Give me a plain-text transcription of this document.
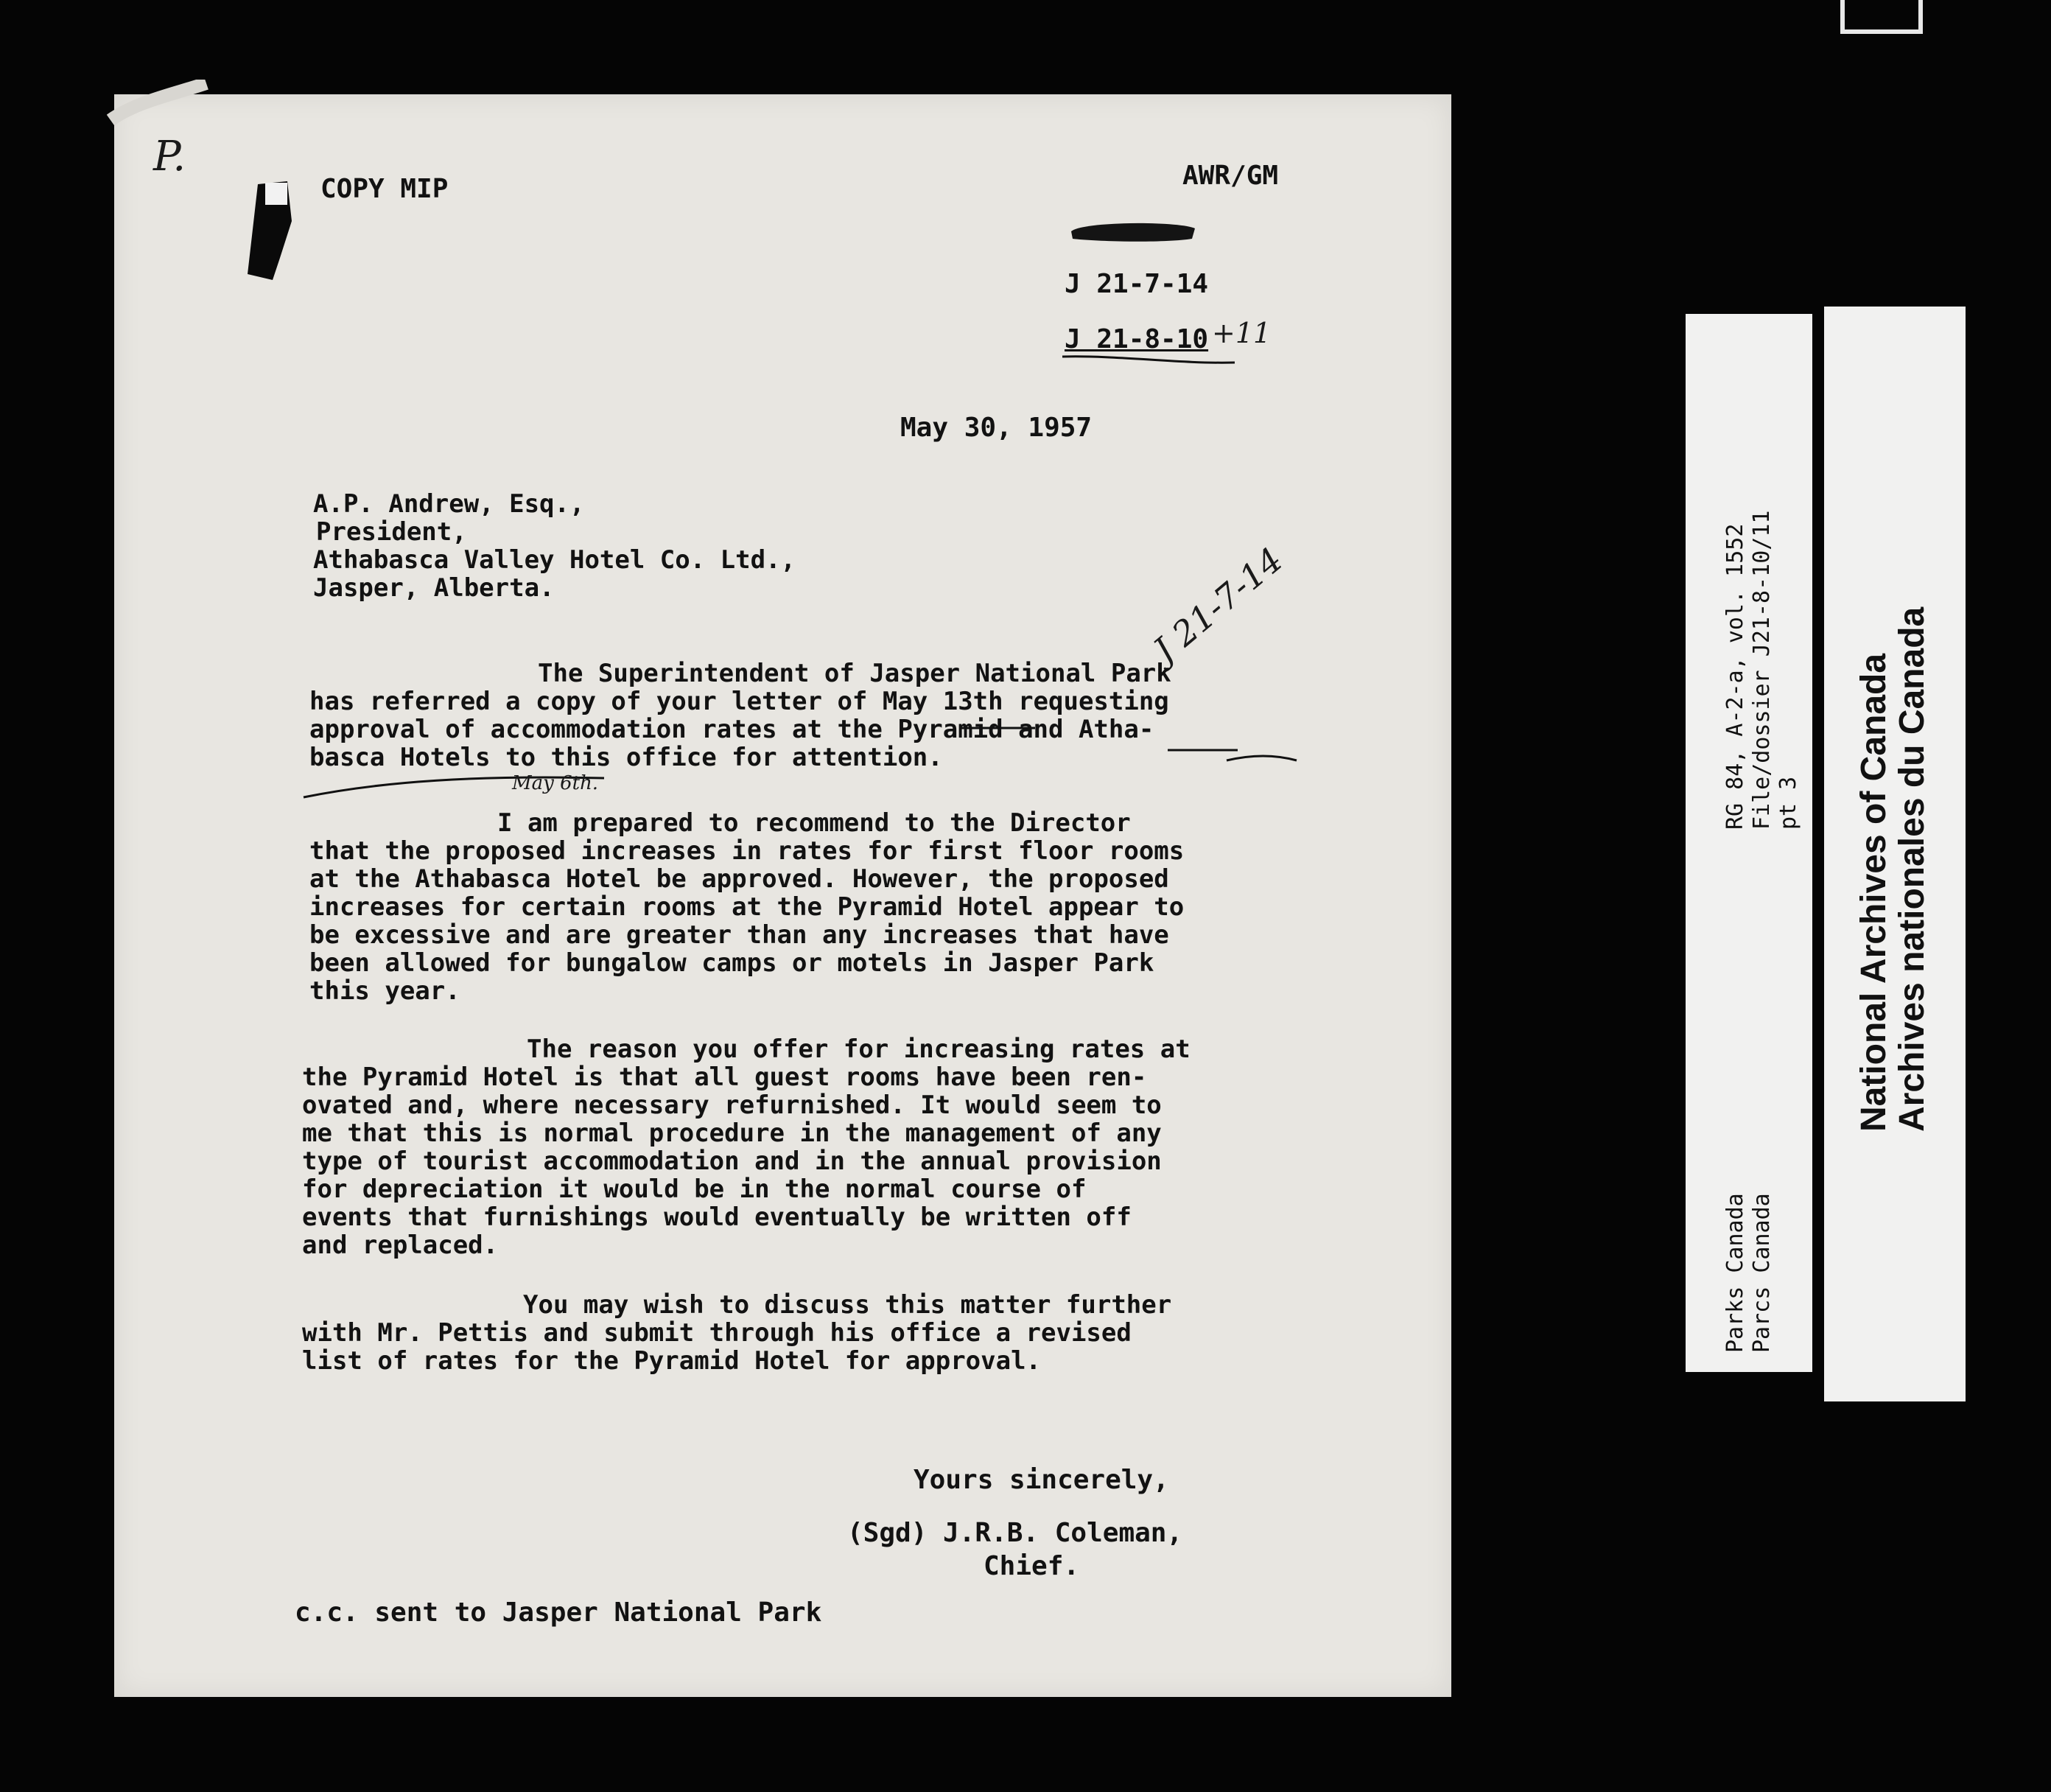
P.
COPY MIP	AWR/GM
J 21-7-14
J 21-8-10 +11
May 30, 1957
A.P. Andrew, Esq.,
President,
Athabasca Valley Hotel Co. Ltd.,
Jasper, Alberta.	J 21-7-14
The Superintendent of Jasper National Park
has referred a copy of your letter of May 13th requesting
approval of accommodation rates at the Pyramid and Atha-
basca Hotels to this office for attention.
May 6th.
I am prepared to recommend to the Director
that the proposed increases in rates for first floor rooms
at the Athabasca Hotel be approved. However, the proposed
increases for certain rooms at the Pyramid Hotel appear to
be excessive and are greater than any increases that have
been allowed for bungalow camps or motels in Jasper Park
this year.
The reason you offer for increasing rates at
the Pyramid Hotel is that all guest rooms have been ren-
ovated and, where necessary refurnished. It would seem to
me that this is normal procedure in the management of any
type of tourist accommodation and in the annual provision
for depreciation it would be in the normal course of
events that furnishings would eventually be written off
and replaced.
You may wish to discuss this matter further
with Mr. Pettis and submit through his office a revised
list of rates for the Pyramid Hotel for approval.
Yours sincerely,
(Sgd) J.R.B. Coleman,
Chief.
c.c. sent to Jasper National Park
RG 84, A-2-a, vol. 1552 File/dossier J21-8-10/11 pt 3
Parks Canada Parcs Canada
National Archives of Canada Archives nationales du Canada
